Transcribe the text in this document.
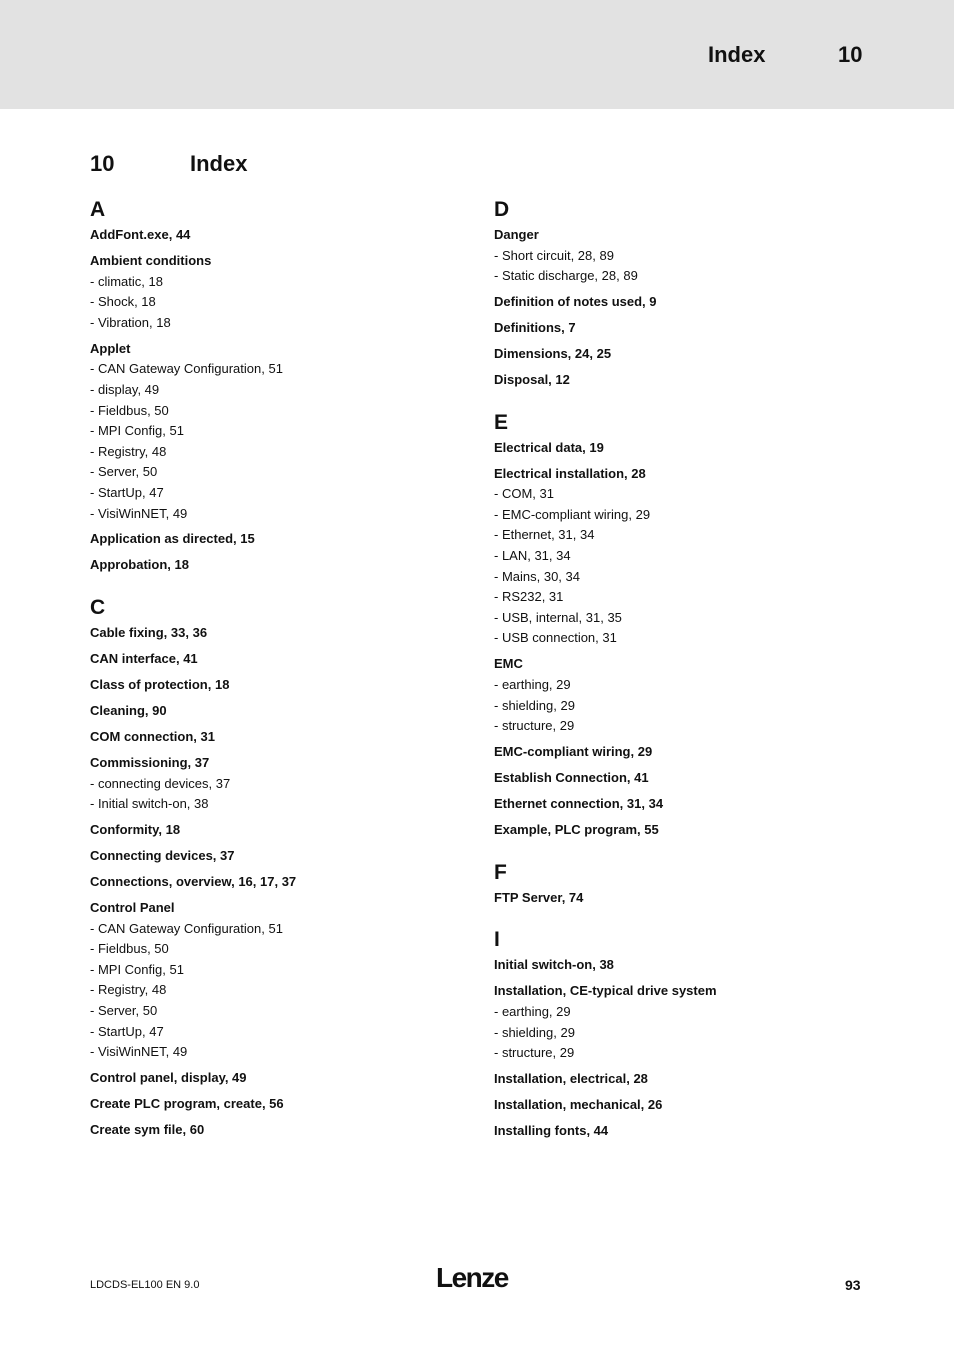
Index	10
10	Index
A
AddFont.exe, 44
Ambient conditions
- climatic, 18
- Shock, 18
- Vibration, 18
Applet
- CAN Gateway Configuration, 51
- display, 49
- Fieldbus, 50
- MPI Config, 51
- Registry, 48
- Server, 50
- StartUp, 47
- VisiWinNET, 49
Application as directed, 15
Approbation, 18
C
Cable fixing, 33, 36
CAN interface, 41
Class of protection, 18
Cleaning, 90
COM connection, 31
Commissioning, 37
- connecting devices, 37
- Initial switch-on, 38
Conformity, 18
Connecting devices, 37
Connections, overview, 16, 17, 37
Control Panel
- CAN Gateway Configuration, 51
- Fieldbus, 50
- MPI Config, 51
- Registry, 48
- Server, 50
- StartUp, 47
- VisiWinNET, 49
Control panel, display, 49
Create PLC program, create, 56
Create sym file, 60
D
Danger
- Short circuit, 28, 89
- Static discharge, 28, 89
Definition of notes used, 9
Definitions, 7
Dimensions, 24, 25
Disposal, 12
E
Electrical data, 19
Electrical installation, 28
- COM, 31
- EMC-compliant wiring, 29
- Ethernet, 31, 34
- LAN, 31, 34
- Mains, 30, 34
- RS232, 31
- USB, internal, 31, 35
- USB connection, 31
EMC
- earthing, 29
- shielding, 29
- structure, 29
EMC-compliant wiring, 29
Establish Connection, 41
Ethernet connection, 31, 34
Example, PLC program, 55
F
FTP Server, 74
I
Initial switch-on, 38
Installation, CE-typical drive system
- earthing, 29
- shielding, 29
- structure, 29
Installation, electrical, 28
Installation, mechanical, 26
Installing fonts, 44
LDCDS-EL100 EN 9.0	Lenze	93
